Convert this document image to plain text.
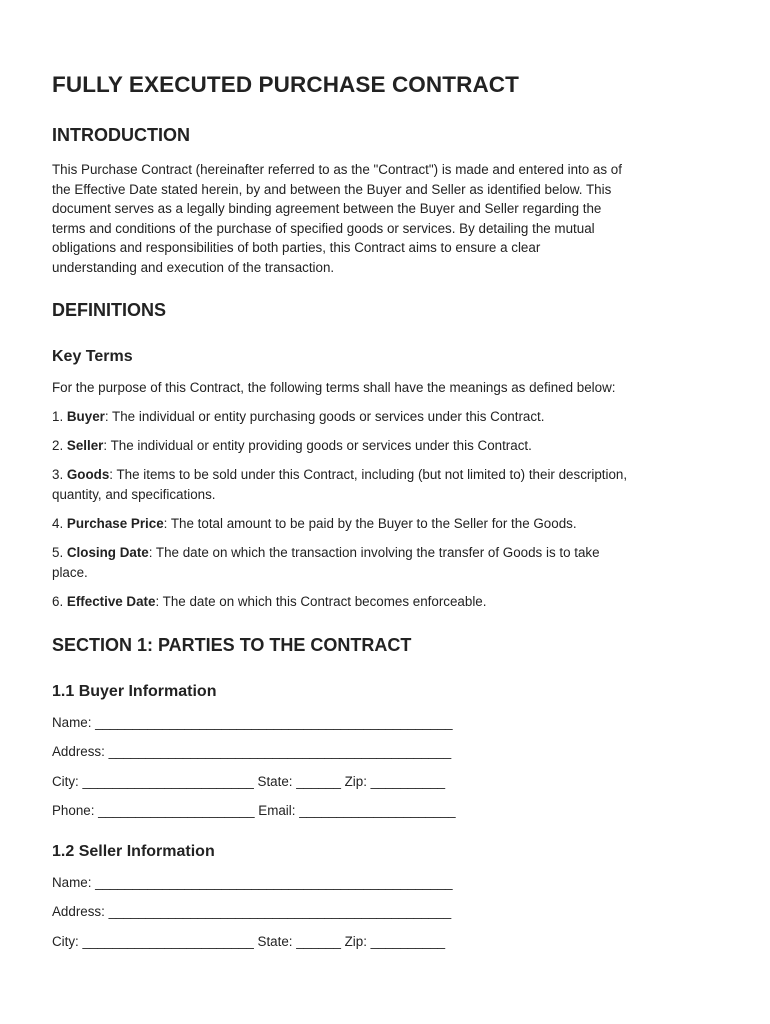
FULLY EXECUTED PURCHASE CONTRACT
INTRODUCTION

This Purchase Contract (hereinafter referred to as the "Contract") is made and entered into as of

the Effective Date stated herein, by and between the Buyer and Seller as identified below. This

document serves as a legally binding agreement between the Buyer and Seller regarding the

terms and conditions of the purchase of specified goods or services. By detailing the mutual

obligations and responsibilities of both parties, this Contract aims to ensure a clear

understanding and execution of the transaction.

DEFINITIONS
Key Terms

For the purpose of this Contract, the following terms shall have the meanings as defined below:

1. Buyer: The individual or entity purchasing goods or services under this Contract.

2. Seller: The individual or entity providing goods or services under this Contract.

3. Goods: The items to be sold under this Contract, including (but not limited to) their description,

quantity, and specifications.

4. Purchase Price: The total amount to be paid by the Buyer to the Seller for the Goods.

5. Closing Date: The date on which the transaction involving the transfer of Goods is to take

place.

6. Effective Date: The date on which this Contract becomes enforceable.

SECTION 1: PARTIES TO THE CONTRACT
1.1 Buyer Information

Name: ________________________________________________

Address: ______________________________________________

City: _______________________ State: ______ Zip: __________

Phone: _____________________ Email: _____________________

1.2 Seller Information

Name: ________________________________________________

Address: ______________________________________________

City: _______________________ State: ______ Zip: __________
